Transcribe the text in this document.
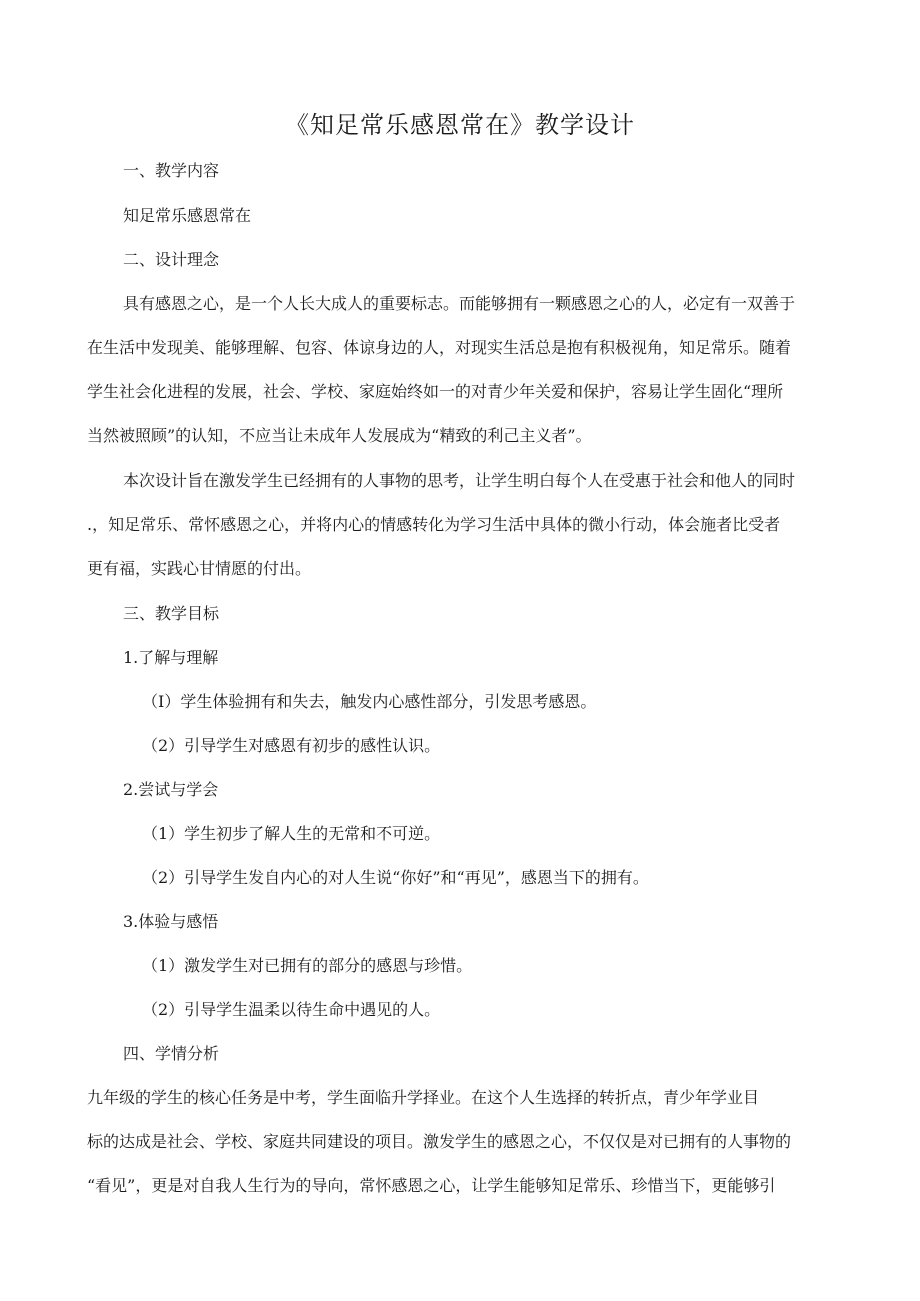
《知足常乐感恩常在》教学设计
一、教学内容
知足常乐感恩常在
二、设计理念
具有感恩之心，是一个人长大成人的重要标志。而能够拥有一颗感恩之心的人，必定有一双善于
在生活中发现美、能够理解、包容、体谅身边的人，对现实生活总是抱有积极视角，知足常乐。随着
学生社会化进程的发展，社会、学校、家庭始终如一的对青少年关爱和保护，容易让学生固化“理所
当然被照顾”的认知，不应当让未成年人发展成为“精致的利己主义者”。
本次设计旨在激发学生已经拥有的人事物的思考，让学生明白每个人在受惠于社会和他人的同时
.，知足常乐、常怀感恩之心，并将内心的情感转化为学习生活中具体的微小行动，体会施者比受者
更有福，实践心甘情愿的付出。
三、教学目标
1.了解与理解
（I）学生体验拥有和失去，触发内心感性部分，引发思考感恩。
（2）引导学生对感恩有初步的感性认识。
2.尝试与学会
（1）学生初步了解人生的无常和不可逆。
（2）引导学生发自内心的对人生说“你好”和“再见”，感恩当下的拥有。
3.体验与感悟
（1）激发学生对已拥有的部分的感恩与珍惜。
（2）引导学生温柔以待生命中遇见的人。
四、学情分析
九年级的学生的核心任务是中考，学生面临升学择业。在这个人生选择的转折点，青少年学业目
标的达成是社会、学校、家庭共同建设的项目。激发学生的感恩之心，不仅仅是对已拥有的人事物的
“看见”，更是对自我人生行为的导向，常怀感恩之心，让学生能够知足常乐、珍惜当下，更能够引
